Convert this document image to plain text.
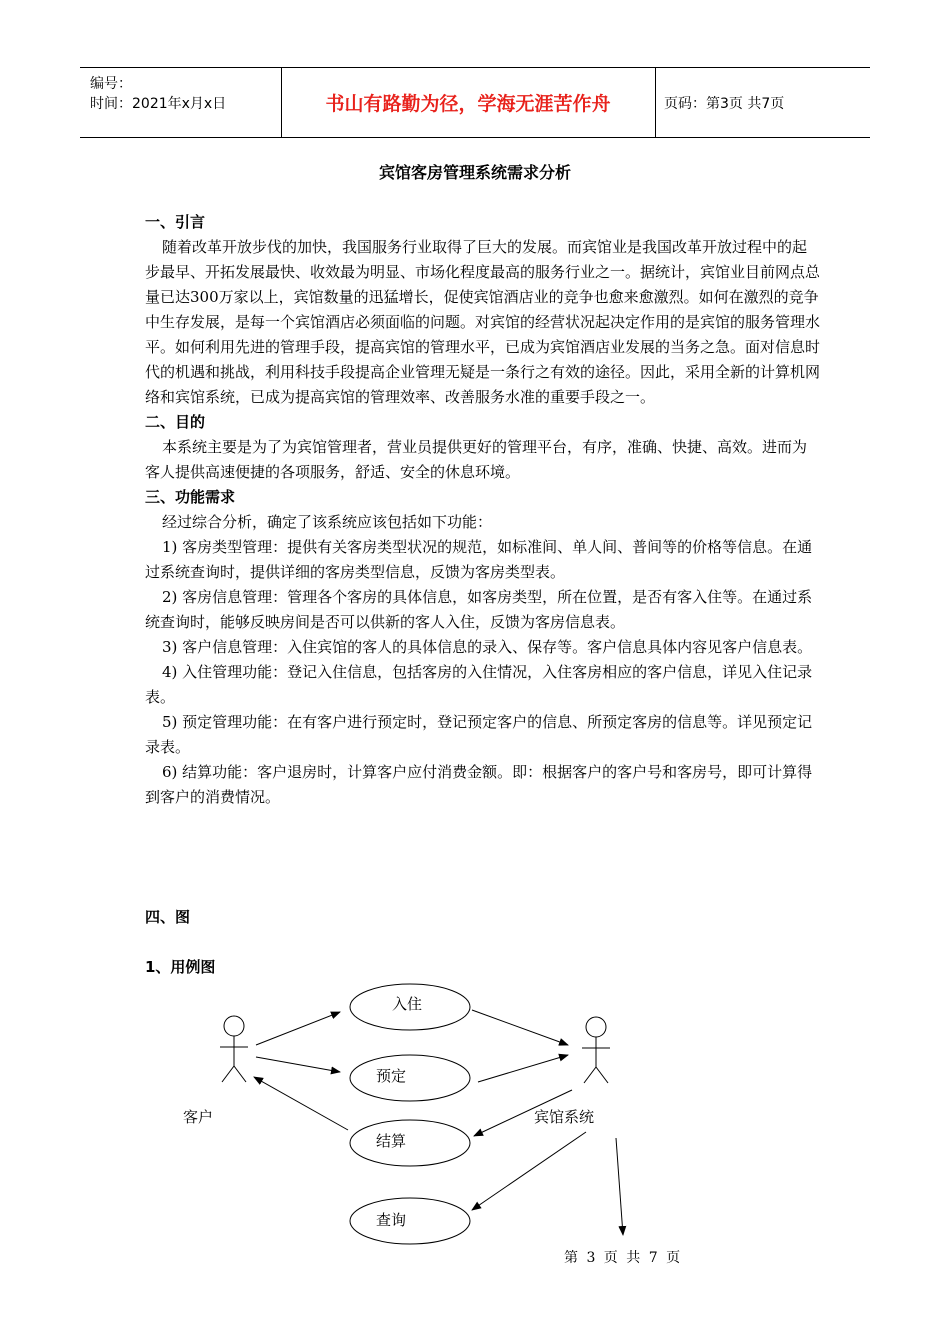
编号：
时间：2021年x月x日	书山有路勤为径，学海无涯苦作舟	页码：第3页 共7页
宾馆客房管理系统需求分析

一、引言

随着改革开放步伐的加快，我国服务行业取得了巨大的发展。而宾馆业是我国改革开放过程中的起步最早、开拓发展最快、收效最为明显、市场化程度最高的服务行业之一。据统计，宾馆业目前网点总量已达300万家以上，宾馆数量的迅猛增长，促使宾馆酒店业的竞争也愈来愈激烈。如何在激烈的竞争中生存发展，是每一个宾馆酒店必须面临的问题。对宾馆的经营状况起决定作用的是宾馆的服务管理水平。如何利用先进的管理手段，提高宾馆的管理水平，已成为宾馆酒店业发展的当务之急。面对信息时代的机遇和挑战，利用科技手段提高企业管理无疑是一条行之有效的途径。因此，采用全新的计算机网络和宾馆系统，已成为提高宾馆的管理效率、改善服务水准的重要手段之一。

二、目的

本系统主要是为了为宾馆管理者，营业员提供更好的管理平台，有序，准确、快捷、高效。进而为客人提供高速便捷的各项服务，舒适、安全的休息环境。

三、功能需求

经过综合分析，确定了该系统应该包括如下功能：

1) 客房类型管理：提供有关客房类型状况的规范，如标准间、单人间、普间等的价格等信息。在通过系统查询时，提供详细的客房类型信息，反馈为客房类型表。

2) 客房信息管理：管理各个客房的具体信息，如客房类型，所在位置，是否有客入住等。在通过系统查询时，能够反映房间是否可以供新的客人入住，反馈为客房信息表。

3) 客户信息管理：入住宾馆的客人的具体信息的录入、保存等。客户信息具体内容见客户信息表。

4) 入住管理功能：登记入住信息，包括客房的入住情况，入住客房相应的客户信息，详见入住记录表。

5) 预定管理功能：在有客户进行预定时，登记预定客户的信息、所预定客房的信息等。详见预定记录表。

6) 结算功能：客户退房时，计算客户应付消费金额。即：根据客户的客户号和客房号，即可计算得到客户的消费情况。

四、图
1、用例图
入住
预定
结算
查询
客户	宾馆系统
第 3 页 共 7 页
